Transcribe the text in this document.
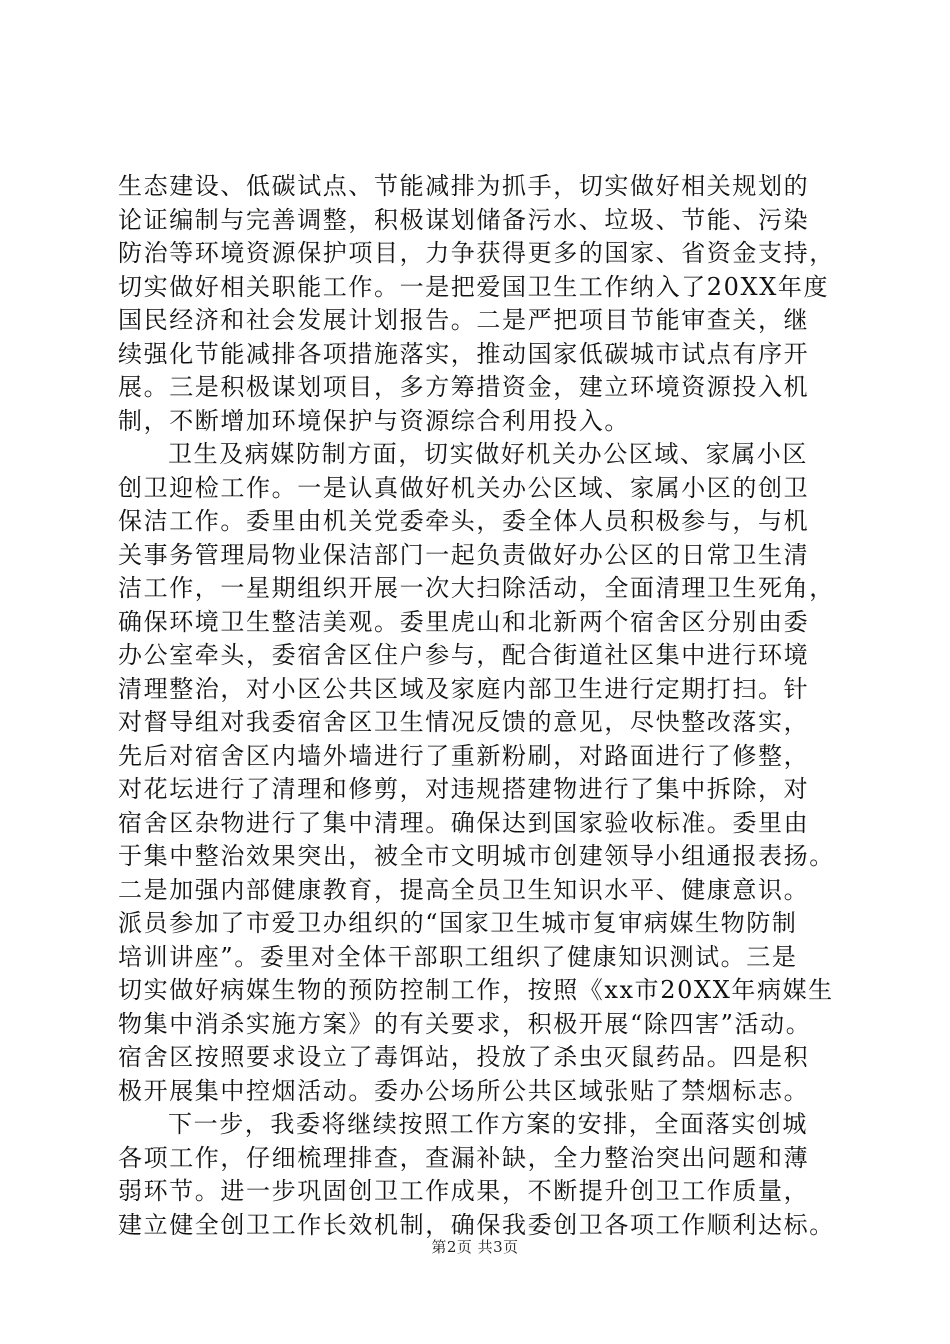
生态建设、低碳试点、节能减排为抓手，切实做好相关规划的
论证编制与完善调整，积极谋划储备污水、垃圾、节能、污染
防治等环境资源保护项目，力争获得更多的国家、省资金支持，
切实做好相关职能工作。一是把爱国卫生工作纳入了20XX年度
国民经济和社会发展计划报告。二是严把项目节能审查关，继
续强化节能减排各项措施落实，推动国家低碳城市试点有序开
展。三是积极谋划项目，多方筹措资金，建立环境资源投入机
制，不断增加环境保护与资源综合利用投入。
卫生及病媒防制方面，切实做好机关办公区域、家属小区
创卫迎检工作。一是认真做好机关办公区域、家属小区的创卫
保洁工作。委里由机关党委牵头，委全体人员积极参与，与机
关事务管理局物业保洁部门一起负责做好办公区的日常卫生清
洁工作，一星期组织开展一次大扫除活动，全面清理卫生死角，
确保环境卫生整洁美观。委里虎山和北新两个宿舍区分别由委
办公室牵头，委宿舍区住户参与，配合街道社区集中进行环境
清理整治，对小区公共区域及家庭内部卫生进行定期打扫。针
对督导组对我委宿舍区卫生情况反馈的意见，尽快整改落实，
先后对宿舍区内墙外墙进行了重新粉刷，对路面进行了修整，
对花坛进行了清理和修剪，对违规搭建物进行了集中拆除，对
宿舍区杂物进行了集中清理。确保达到国家验收标准。委里由
于集中整治效果突出，被全市文明城市创建领导小组通报表扬。
二是加强内部健康教育，提高全员卫生知识水平、健康意识。
派员参加了市爱卫办组织的“国家卫生城市复审病媒生物防制
培训讲座”。委里对全体干部职工组织了健康知识测试。三是
切实做好病媒生物的预防控制工作，按照《xx市20XX年病媒生
物集中消杀实施方案》的有关要求，积极开展“除四害”活动。
宿舍区按照要求设立了毒饵站，投放了杀虫灭鼠药品。四是积
极开展集中控烟活动。委办公场所公共区域张贴了禁烟标志。
下一步，我委将继续按照工作方案的安排，全面落实创城
各项工作，仔细梳理排查，查漏补缺，全力整治突出问题和薄
弱环节。进一步巩固创卫工作成果，不断提升创卫工作质量，
建立健全创卫工作长效机制，确保我委创卫各项工作顺利达标。
第2页 共3页
